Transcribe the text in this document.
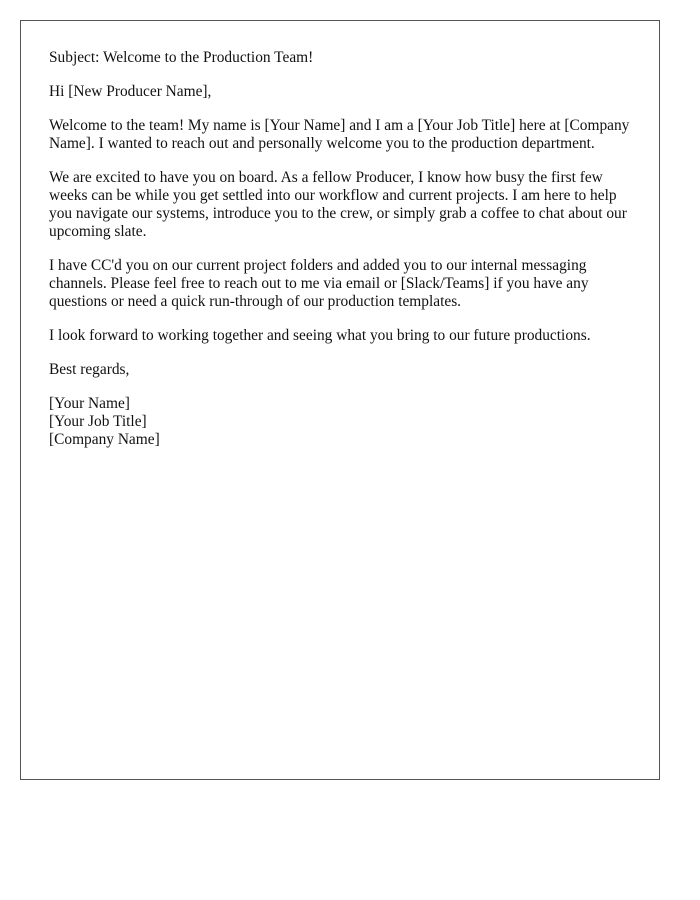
Subject: Welcome to the Production Team!

Hi [New Producer Name],

Welcome to the team! My name is [Your Name] and I am a [Your Job Title] here at [Company Name]. I wanted to reach out and personally welcome you to the production department.

We are excited to have you on board. As a fellow Producer, I know how busy the first few weeks can be while you get settled into our workflow and current projects. I am here to help you navigate our systems, introduce you to the crew, or simply grab a coffee to chat about our upcoming slate.

I have CC'd you on our current project folders and added you to our internal messaging channels. Please feel free to reach out to me via email or [Slack/Teams] if you have any questions or need a quick run-through of our production templates.

I look forward to working together and seeing what you bring to our future productions.

Best regards,

[Your Name]
[Your Job Title]
[Company Name]
